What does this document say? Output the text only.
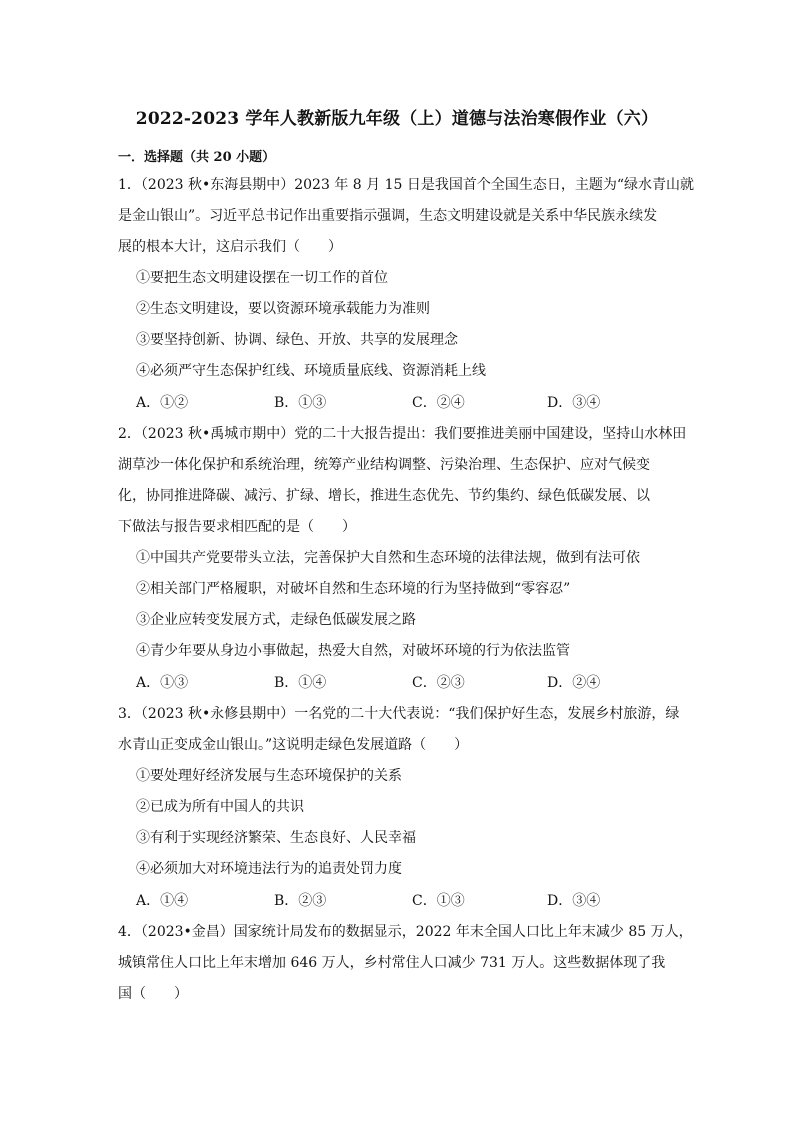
2022-2023 学年人教新版九年级（上）道德与法治寒假作业（六）
一．选择题（共 20 小题）
1．（2023 秋•东海县期中）2023 年 8 月 15 日是我国首个全国生态日，主题为“绿水青山就
是金山银山”。习近平总书记作出重要指示强调，生态文明建设就是关系中华民族永续发
展的根本大计，这启示我们（　　）
①要把生态文明建设摆在一切工作的首位
②生态文明建设，要以资源环境承载能力为准则
③要坚持创新、协调、绿色、开放、共享的发展理念
④必须严守生态保护红线、环境质量底线、资源消耗上线
A．①②	B．①③	C．②④	D．③④
2．（2023 秋•禹城市期中）党的二十大报告提出：我们要推进美丽中国建设，坚持山水林田
湖草沙一体化保护和系统治理，统筹产业结构调整、污染治理、生态保护、应对气候变
化，协同推进降碳、减污、扩绿、增长，推进生态优先、节约集约、绿色低碳发展、以
下做法与报告要求相匹配的是（　　）
①中国共产党要带头立法，完善保护大自然和生态环境的法律法规，做到有法可依
②相关部门严格履职，对破坏自然和生态环境的行为坚持做到“零容忍”
③企业应转变发展方式，走绿色低碳发展之路
④青少年要从身边小事做起，热爱大自然，对破坏环境的行为依法监管
A．①③	B．①④	C．②③	D．②④
3．（2023 秋•永修县期中）一名党的二十大代表说：“我们保护好生态，发展乡村旅游，绿
水青山正变成金山银山。”这说明走绿色发展道路（　　）
①要处理好经济发展与生态环境保护的关系
②已成为所有中国人的共识
③有利于实现经济繁荣、生态良好、人民幸福
④必须加大对环境违法行为的追责处罚力度
A．①④	B．②③	C．①③	D．③④
4．（2023•金昌）国家统计局发布的数据显示，2022 年末全国人口比上年末减少 85 万人，
城镇常住人口比上年末增加 646 万人，乡村常住人口减少 731 万人。这些数据体现了我
国（　　）
